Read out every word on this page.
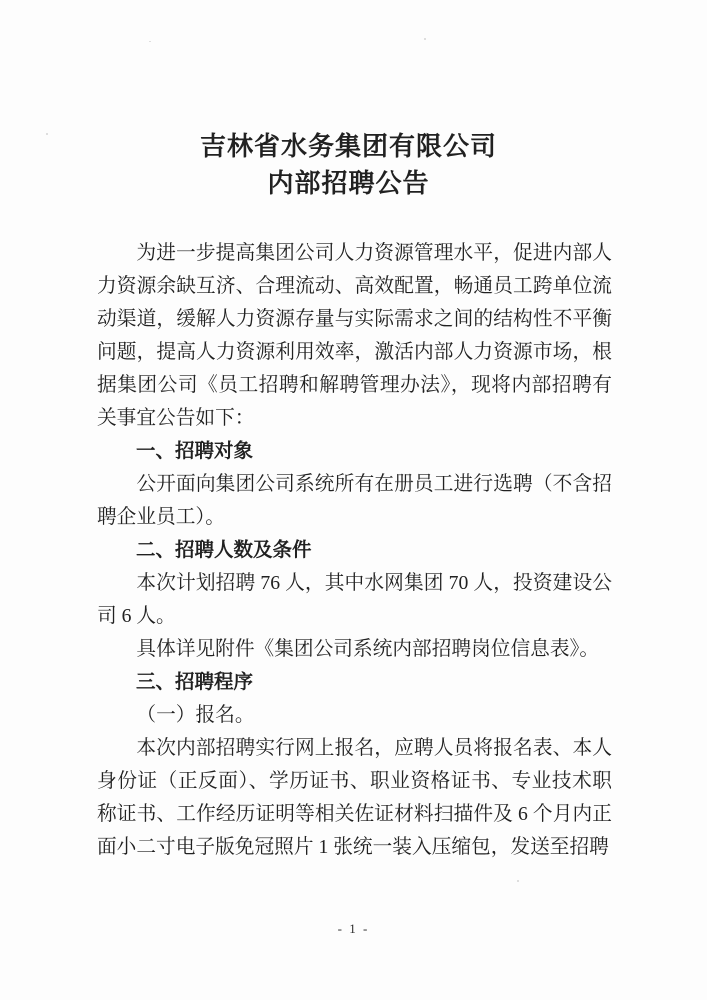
吉林省水务集团有限公司
内部招聘公告

为进一步提高集团公司人力资源管理水平，促进内部人力资源余缺互济、合理流动、高效配置，畅通员工跨单位流动渠道，缓解人力资源存量与实际需求之间的结构性不平衡问题，提高人力资源利用效率，激活内部人力资源市场，根据集团公司《员工招聘和解聘管理办法》，现将内部招聘有关事宜公告如下：

一、招聘对象

公开面向集团公司系统所有在册员工进行选聘（不含招聘企业员工）。

二、招聘人数及条件

本次计划招聘 76 人，其中水网集团 70 人，投资建设公司 6 人。

具体详见附件《集团公司系统内部招聘岗位信息表》。

三、招聘程序

（一）报名。

本次内部招聘实行网上报名，应聘人员将报名表、本人身份证（正反面）、学历证书、职业资格证书、专业技术职称证书、工作经历证明等相关佐证材料扫描件及 6 个月内正面小二寸电子版免冠照片 1 张统一装入压缩包，发送至招聘

- 1 -
